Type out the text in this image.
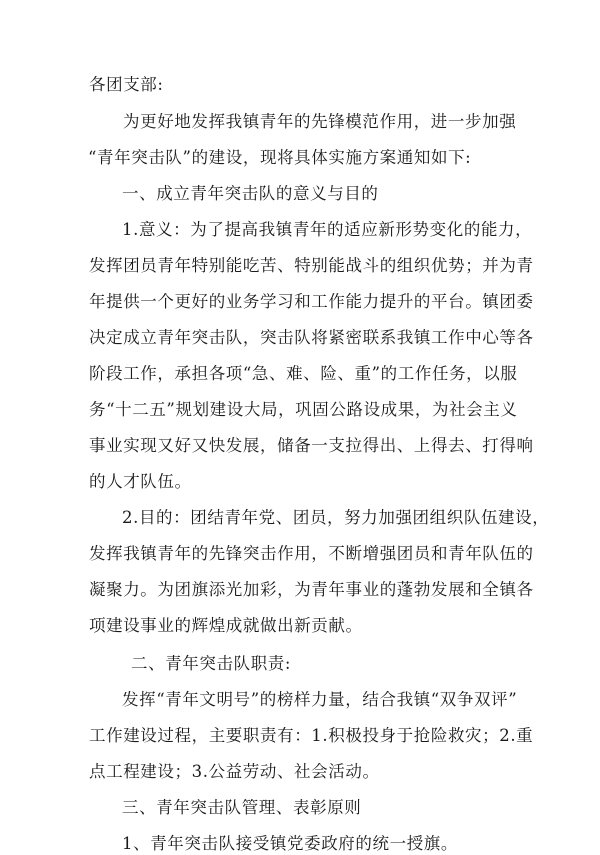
各团支部:
为更好地发挥我镇青年的先锋模范作用，进一步加强
“青年突击队”的建设，现将具体实施方案通知如下:
一、成立青年突击队的意义与目的
1.意义：为了提高我镇青年的适应新形势变化的能力，
发挥团员青年特别能吃苦、特别能战斗的组织优势；并为青
年提供一个更好的业务学习和工作能力提升的平台。镇团委
决定成立青年突击队，突击队将紧密联系我镇工作中心等各
阶段工作，承担各项“急、难、险、重”的工作任务，以服
务“十二五”规划建设大局，巩固公路设成果，为社会主义
事业实现又好又快发展，储备一支拉得出、上得去、打得响
的人才队伍。
2.目的：团结青年党、团员，努力加强团组织队伍建设，
发挥我镇青年的先锋突击作用，不断增强团员和青年队伍的
凝聚力。为团旗添光加彩，为青年事业的蓬勃发展和全镇各
项建设事业的辉煌成就做出新贡献。
二、青年突击队职责:
发挥“青年文明号”的榜样力量，结合我镇“双争双评”
工作建设过程，主要职责有：1.积极投身于抢险救灾；2.重
点工程建设；3.公益劳动、社会活动。
三、青年突击队管理、表彰原则
1、青年突击队接受镇党委政府的统一授旗。
